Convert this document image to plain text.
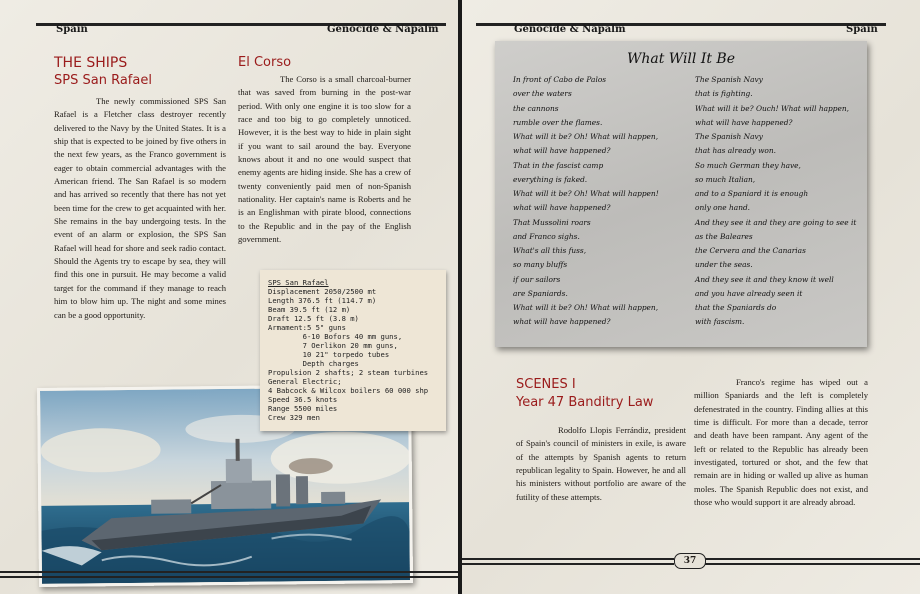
Spain	Genocide & Napalm
THE SHIPS
SPS San Rafael

The newly commissioned SPS San Rafael is a Fletcher class destroyer recently delivered to the Navy by the United States. It is a ship that is expected to be joined by five others in the next few years, as the Franco government is eager to obtain commercial advantages with the American friend. The San Rafael is so modern and has arrived so recently that there has not yet been time for the crew to get acquainted with her. She remains in the bay undergoing tests. In the event of an alarm or explosion, the SPS San Rafael will head for shore and seek radio contact. Should the Agents try to escape by sea, they will find this one in pursuit. He may become a valid target for the command if they manage to reach him to blow him up. The night and some mines can be a good opportunity.

El Corso

The Corso is a small charcoal-burner that was saved from burning in the post-war period. With only one engine it is too slow for a race and too big to go completely unnoticed. However, it is the best way to hide in plain sight if you want to sail around the bay. Everyone knows about it and no one would suspect that enemy agents are hiding inside. She has a crew of twenty conveniently paid men of non-Spanish nationality. Her captain's name is Roberts and he is an Englishman with pirate blood, connections to the Republic and in the pay of the English government.

SPS San Rafael
Displacement 2050/2500 mt
Length 376.5 ft (114.7 m)
Beam 39.5 ft (12 m)
Draft 12.5 ft (3.8 m)
Armament:5 5" guns
6-10 Bofors 40 mm guns,
7 Oerlikon 20 mm guns,
10 21" torpedo tubes
Depth charges
Propulsion 2 shafts; 2 steam turbines
General Electric;
4 Babcock & Wilcox boilers 60 000 shp
Speed 36.5 knots
Range 5500 miles
Crew 329 men
Genocide & Napalm	Spain
What Will It Be
In front of Cabo de Palos
over the waters
the cannons
rumble over the flames.
What will it be? Oh! What will happen,
what will have happened?
That in the fascist camp
everything is faked.
What will it be? Oh! What will happen!
what will have happened?
That Mussolini roars
and Franco sighs.
What's all this fuss,
so many bluffs
if our sailors
are Spaniards.
What will it be? Oh! What will happen,
what will have happened?
The Spanish Navy
that is fighting.
What will it be? Ouch! What will happen,
what will have happened?
The Spanish Navy
that has already won.
So much German they have,
so much Italian,
and to a Spaniard it is enough
only one hand.
And they see it and they are going to see it
as the Baleares
the Cervera and the Canarias
under the seas.
And they see it and they know it well
and you have already seen it
that the Spaniards do
with fascism.
SCENES I
Year 47 Banditry Law

Rodolfo Llopis Ferrándiz, president of Spain's council of ministers in exile, is aware of the attempts by Spanish agents to return republican legality to Spain. However, he and all his ministers without portfolio are aware of the futility of these attempts.

Franco's regime has wiped out a million Spaniards and the left is completely defenestrated in the country. Finding allies at this time is difficult. For more than a decade, terror and death have been rampant. Any agent of the left or related to the Republic has already been investigated, tortured or shot, and the few that remain are in hiding or walled up alive as human moles. The Spanish Republic does not exist, and those who would support it are already abroad.

37
